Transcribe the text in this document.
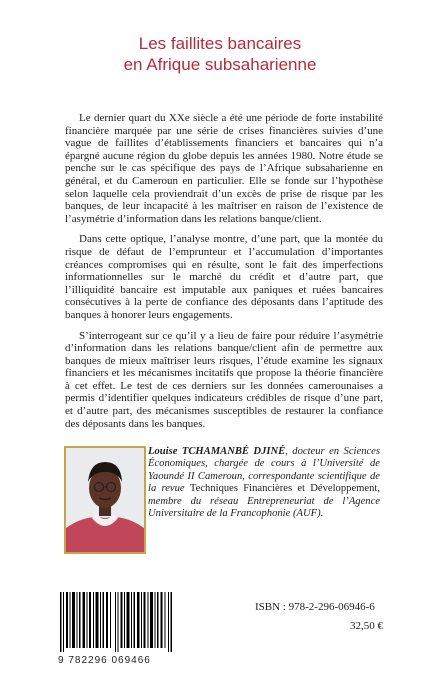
Les faillites bancaires
en Afrique subsaharienne

Le dernier quart du XXe siècle a été une période de forte instabilité financière marquée par une série de crises financières suivies d’une vague de faillites d’établissements financiers et bancaires qui n’a épargné aucune région du globe depuis les années 1980. Notre étude se penche sur le cas spécifique des pays de l’Afrique subsaharienne en général, et du Cameroun en particulier. Elle se fonde sur l’hypothèse selon laquelle cela proviendrait d’un excès de prise de risque par les banques, de leur incapacité à les maîtriser en raison de l’existence de l’asymétrie d’information dans les relations banque/client.

Dans cette optique, l’analyse montre, d’une part, que la montée du risque de défaut de l’emprunteur et l’accumulation d’importantes créances compromises qui en résulte, sont le fait des imperfections informationnelles sur le marché du crédit et d’autre part, que l’illiquidité bancaire est imputable aux paniques et ruées bancaires consécutives à la perte de confiance des déposants dans l’aptitude des banques à honorer leurs engagements.

S’interrogeant sur ce qu’il y a lieu de faire pour réduire l’asymétrie d’information dans les relations banque/client afin de permettre aux banques de mieux maîtriser leurs risques, l’étude examine les signaux financiers et les mécanismes incitatifs que propose la théorie financière à cet effet. Le test de ces derniers sur les données camerounaises a permis d’identifier quelques indicateurs crédibles de risque d’une part, et d’autre part, des mécanismes susceptibles de restaurer la confiance des déposants dans les banques.

Louise TCHAMANBÉ DJINÉ, docteur en Sciences Économiques, chargée de cours à l’Université de Yaoundé II Cameroun, correspondante scientifique de la revue Techniques Financières et Développement, membre du réseau Entrepreneuriat de l’Agence Universitaire de la Francophonie (AUF).
9 782296 069466
ISBN : 978-2-296-06946-6
32,50 €
